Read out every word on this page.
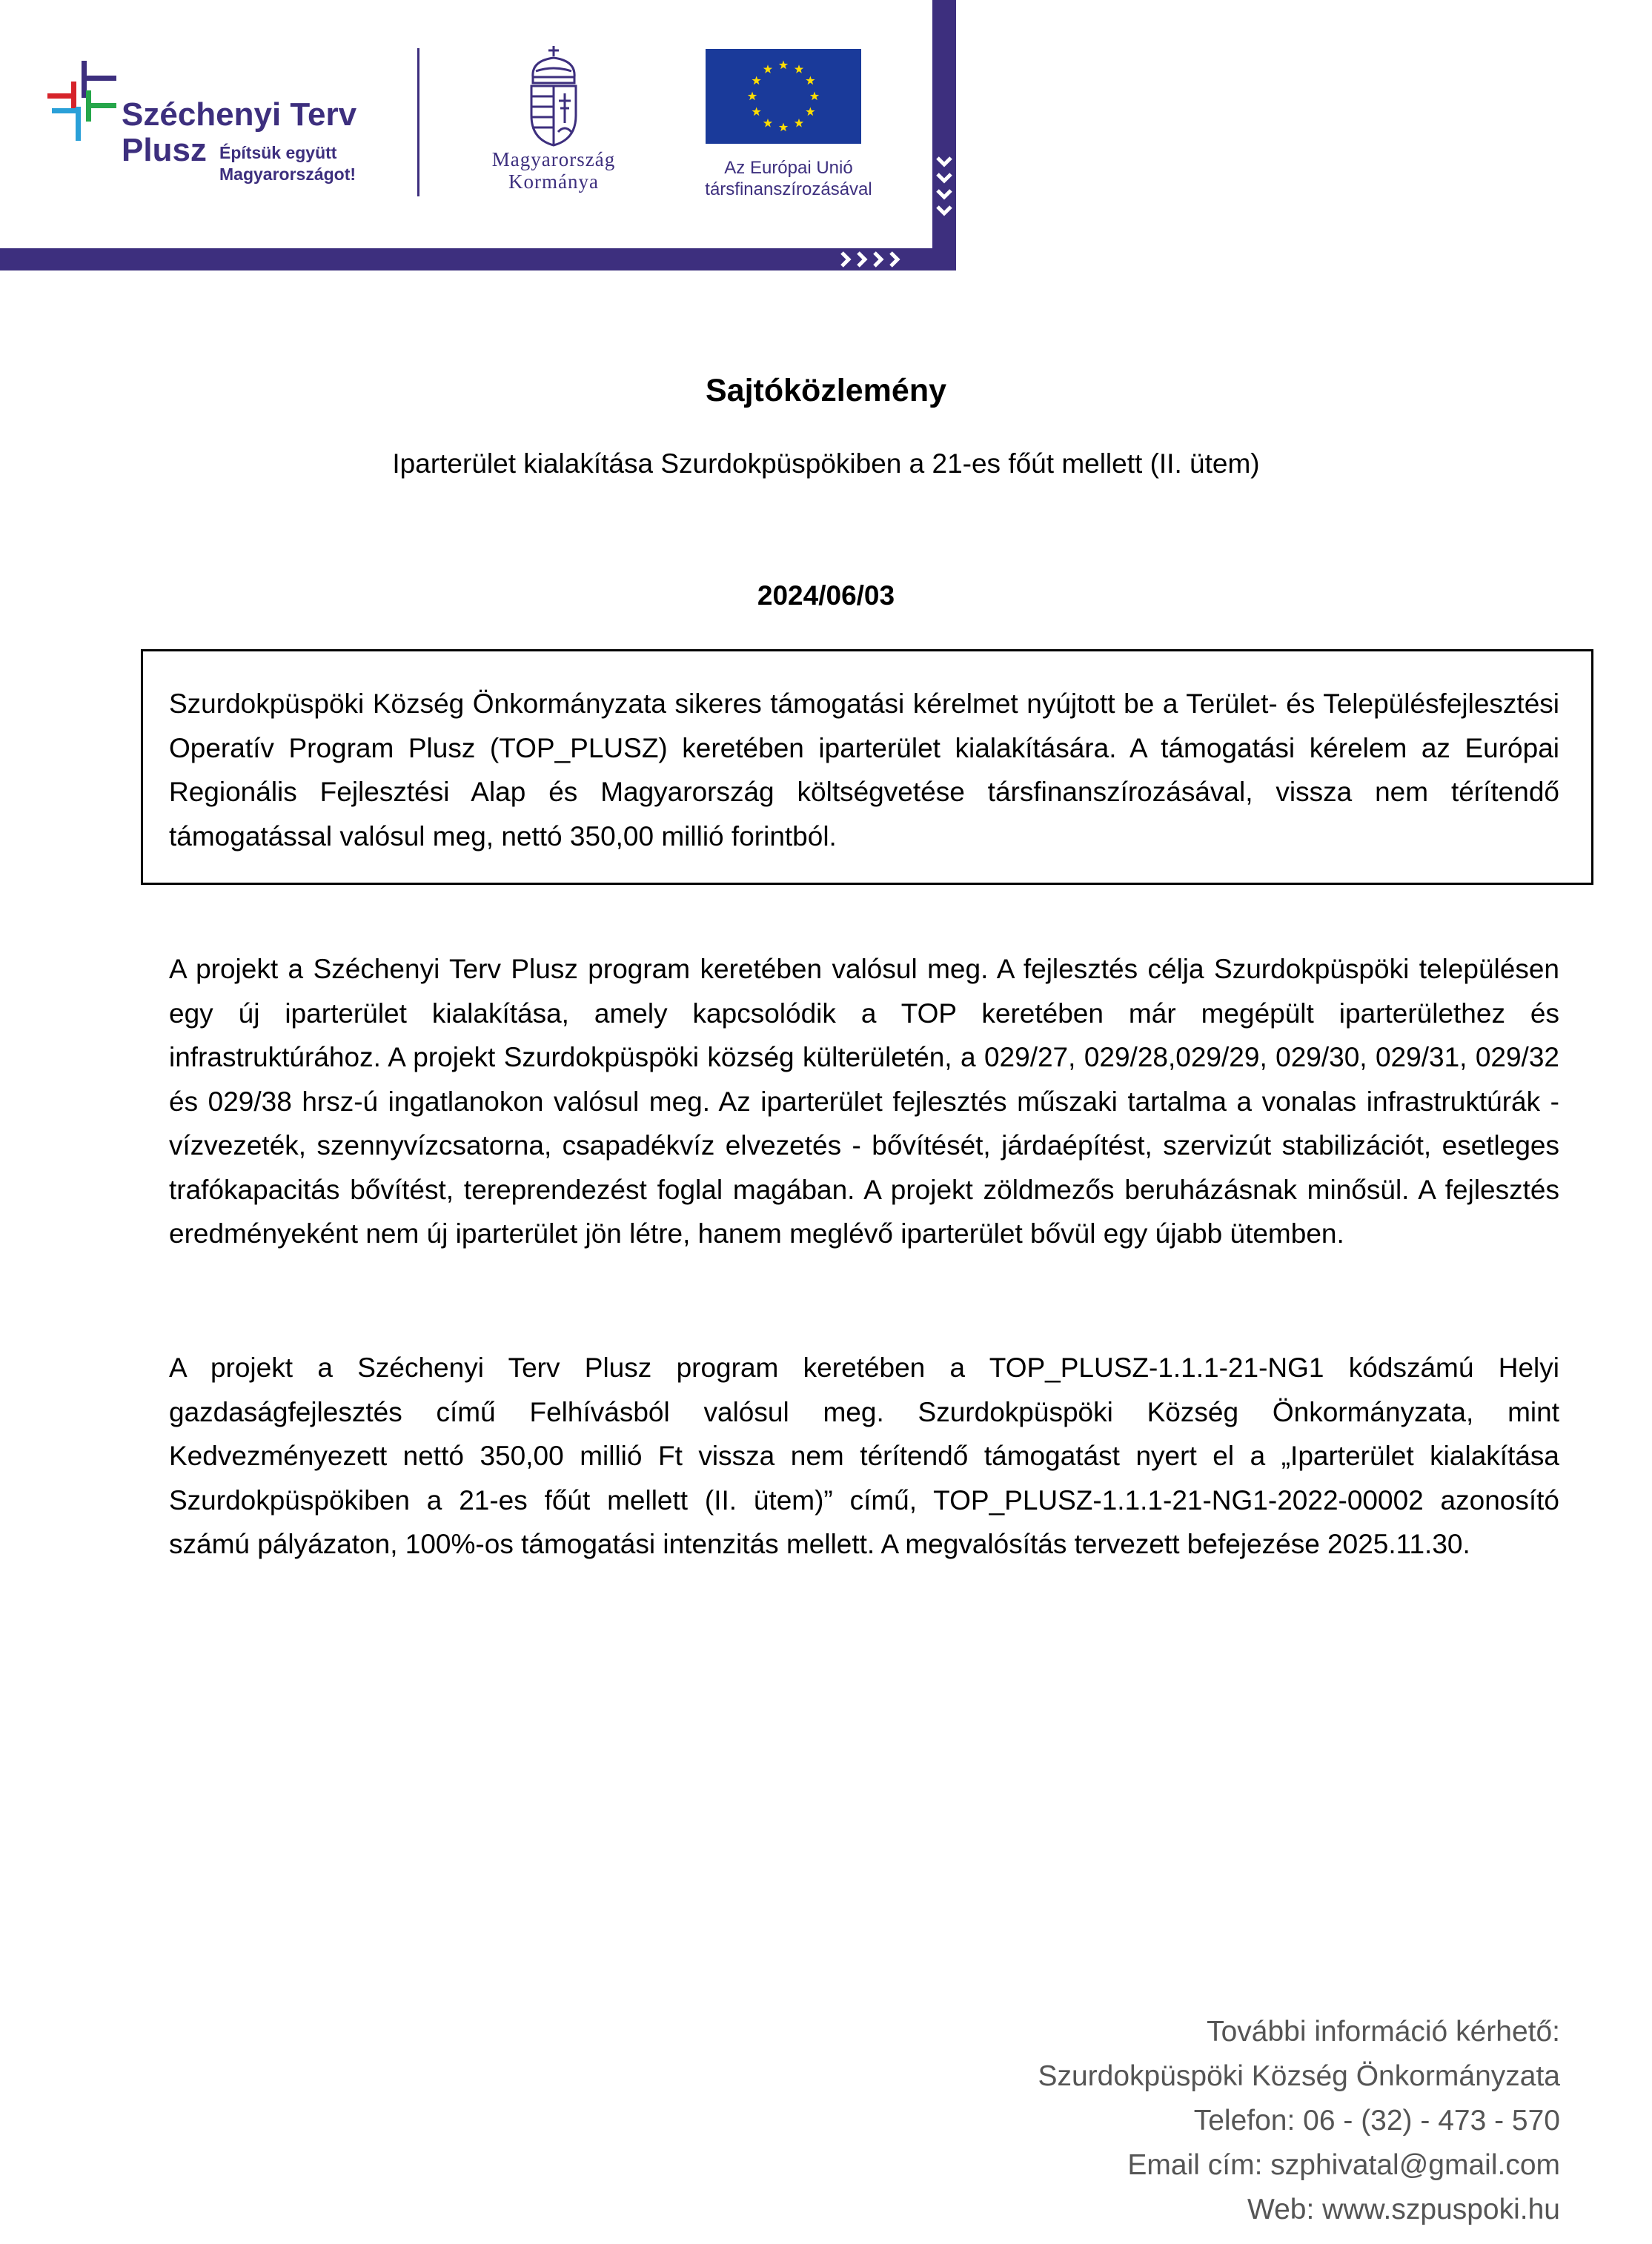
Széchenyi Terv
Plusz Építsük együtt
Magyarországot!
Magyarország
Kormánya
Az Európai Unió
társfinanszírozásával
Sajtóközlemény
Iparterület kialakítása Szurdokpüspökiben a 21-es főút mellett (II. ütem)
2024/06/03
Szurdokpüspöki Község Önkormányzata sikeres támogatási kérelmet nyújtott be a Terület- és Településfejlesztési Operatív Program Plusz (TOP_PLUSZ) keretében iparterület kialakítására. A támogatási kérelem az Európai Regionális Fejlesztési Alap és Magyarország költségvetése társfinanszírozásával, vissza nem térítendő támogatással valósul meg, nettó 350,00 millió forintból.
A projekt a Széchenyi Terv Plusz program keretében valósul meg. A fejlesztés célja Szurdokpüspöki településen egy új iparterület kialakítása, amely kapcsolódik a TOP keretében már megépült iparterülethez és infrastruktúrához. A projekt Szurdokpüspöki község külterületén, a 029/27, 029/28,029/29, 029/30, 029/31, 029/32 és 029/38 hrsz-ú ingatlanokon valósul meg. Az iparterület fejlesztés műszaki tartalma a vonalas infrastruktúrák - vízvezeték, szennyvízcsatorna, csapadékvíz elvezetés - bővítését, járdaépítést, szervizút stabilizációt, esetleges trafókapacitás bővítést, tereprendezést foglal magában. A projekt zöldmezős beruházásnak minősül. A fejlesztés eredményeként nem új iparterület jön létre, hanem meglévő iparterület bővül egy újabb ütemben.
A projekt a Széchenyi Terv Plusz program keretében a TOP_PLUSZ-1.1.1-21-NG1 kódszámú Helyi gazdaságfejlesztés című Felhívásból valósul meg. Szurdokpüspöki Község Önkormányzata, mint Kedvezményezett nettó 350,00 millió Ft vissza nem térítendő támogatást nyert el a „Iparterület kialakítása Szurdokpüspökiben a 21-es főút mellett (II. ütem)” című, TOP_PLUSZ-1.1.1-21-NG1-2022-00002 azonosító számú pályázaton, 100%-os támogatási intenzitás mellett. A megvalósítás tervezett befejezése 2025.11.30.
További információ kérhető:
Szurdokpüspöki Község Önkormányzata
Telefon: 06 - (32) - 473 - 570
Email cím: szphivatal@gmail.com
Web: www.szpuspoki.hu
